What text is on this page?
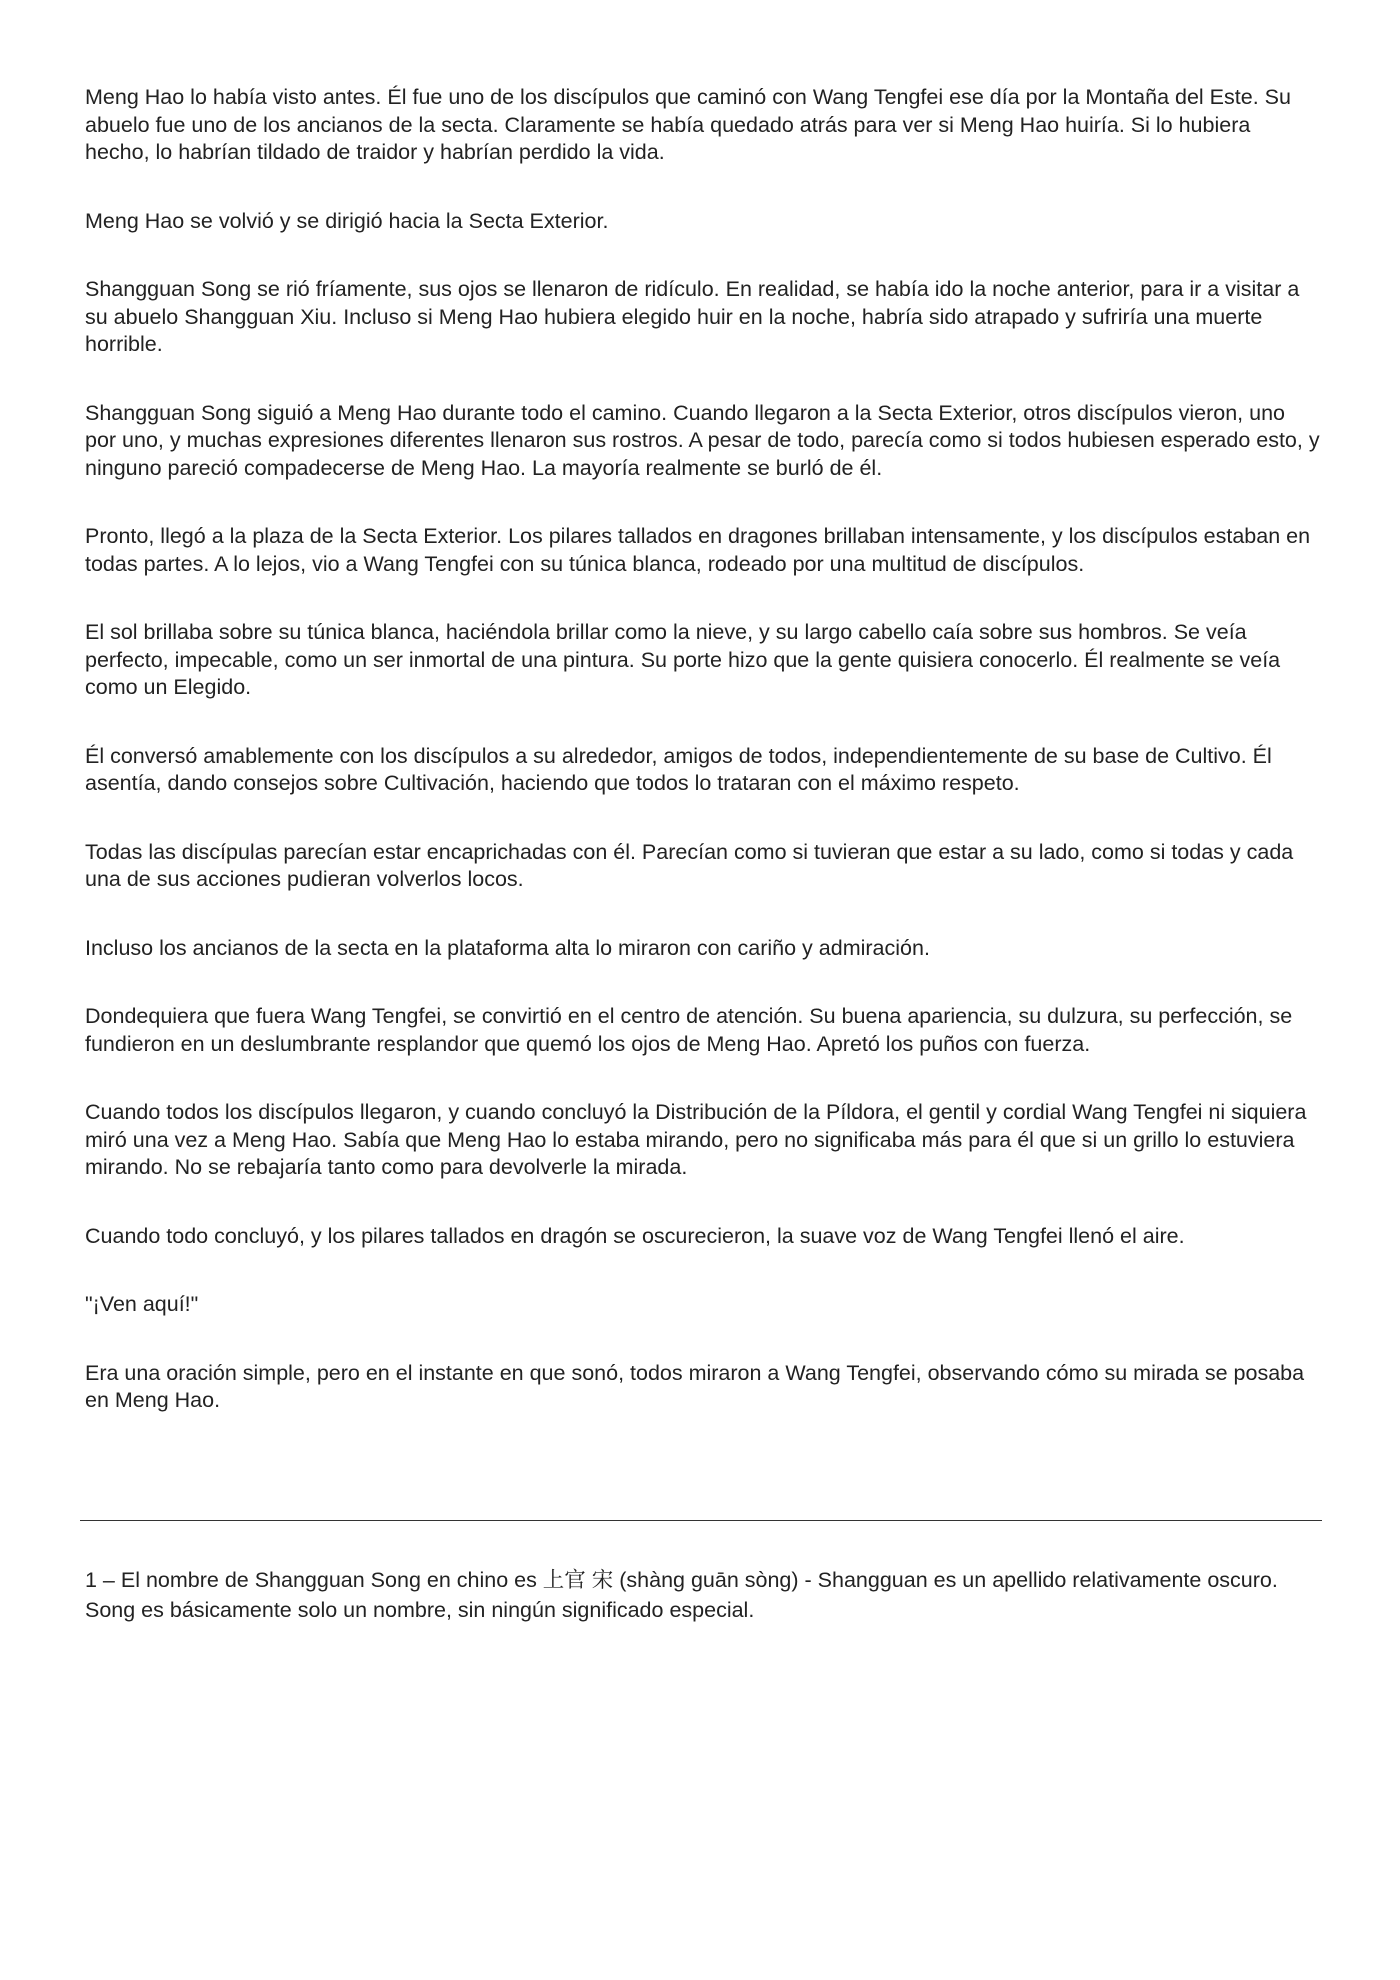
Meng Hao lo había visto antes. Él fue uno de los discípulos que caminó con Wang Tengfei ese día por la Montaña del Este. Su abuelo fue uno de los ancianos de la secta. Claramente se había quedado atrás para ver si Meng Hao huiría. Si lo hubiera hecho, lo habrían tildado de traidor y habrían perdido la vida.

Meng Hao se volvió y se dirigió hacia la Secta Exterior.

Shangguan Song se rió fríamente, sus ojos se llenaron de ridículo. En realidad, se había ido la noche anterior, para ir a visitar a su abuelo Shangguan Xiu. Incluso si Meng Hao hubiera elegido huir en la noche, habría sido atrapado y sufriría una muerte horrible.

Shangguan Song siguió a Meng Hao durante todo el camino. Cuando llegaron a la Secta Exterior, otros discípulos vieron, uno por uno, y muchas expresiones diferentes llenaron sus rostros. A pesar de todo, parecía como si todos hubiesen esperado esto, y ninguno pareció compadecerse de Meng Hao. La mayoría realmente se burló de él.

Pronto, llegó a la plaza de la Secta Exterior. Los pilares tallados en dragones brillaban intensamente, y los discípulos estaban en todas partes. A lo lejos, vio a Wang Tengfei con su túnica blanca, rodeado por una multitud de discípulos.

El sol brillaba sobre su túnica blanca, haciéndola brillar como la nieve, y su largo cabello caía sobre sus hombros. Se veía perfecto, impecable, como un ser inmortal de una pintura. Su porte hizo que la gente quisiera conocerlo. Él realmente se veía como un Elegido.

Él conversó amablemente con los discípulos a su alrededor, amigos de todos, independientemente de su base de Cultivo. Él asentía, dando consejos sobre Cultivación, haciendo que todos lo trataran con el máximo respeto.

Todas las discípulas parecían estar encaprichadas con él. Parecían como si tuvieran que estar a su lado, como si todas y cada una de sus acciones pudieran volverlos locos.

Incluso los ancianos de la secta en la plataforma alta lo miraron con cariño y admiración.

Dondequiera que fuera Wang Tengfei, se convirtió en el centro de atención. Su buena apariencia, su dulzura, su perfección, se fundieron en un deslumbrante resplandor que quemó los ojos de Meng Hao. Apretó los puños con fuerza.

Cuando todos los discípulos llegaron, y cuando concluyó la Distribución de la Píldora, el gentil y cordial Wang Tengfei ni siquiera miró una vez a Meng Hao. Sabía que Meng Hao lo estaba mirando, pero no significaba más para él que si un grillo lo estuviera mirando. No se rebajaría tanto como para devolverle la mirada.

Cuando todo concluyó, y los pilares tallados en dragón se oscurecieron, la suave voz de Wang Tengfei llenó el aire.

"¡Ven aquí!"

Era una oración simple, pero en el instante en que sonó, todos miraron a Wang Tengfei, observando cómo su mirada se posaba en Meng Hao.

1 – El nombre de Shangguan Song en chino es 上官 宋 (shàng guān sòng) - Shangguan es un apellido relativamente oscuro. Song es básicamente solo un nombre, sin ningún significado especial.
